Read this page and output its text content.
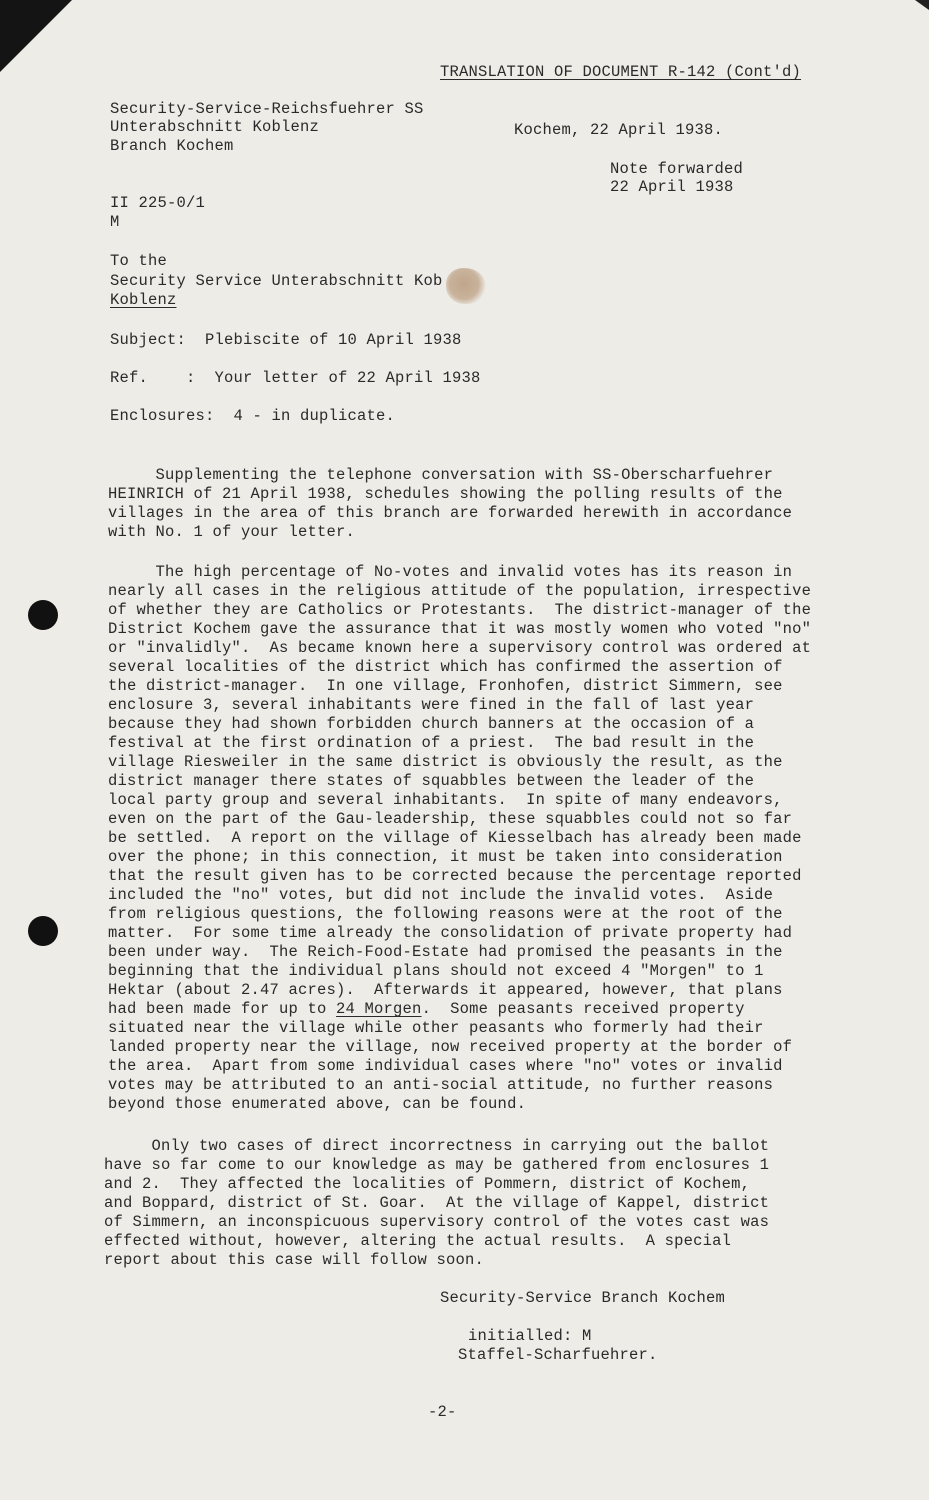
TRANSLATION OF DOCUMENT R-142 (Cont'd)
Security-Service-Reichsfuehrer SS
Unterabschnitt Koblenz
Branch Kochem
Kochem, 22 April 1938.
Note forwarded
22 April 1938
II 225-0/1
M
To the
Security Service Unterabschnitt Kob
Koblenz
Subject:  Plebiscite of 10 April 1938
Ref.    :  Your letter of 22 April 1938
Enclosures:  4 - in duplicate.
Supplementing the telephone conversation with SS-Oberscharfuehrer
HEINRICH of 21 April 1938, schedules showing the polling results of the
villages in the area of this branch are forwarded herewith in accordance
with No. 1 of your letter.
The high percentage of No-votes and invalid votes has its reason in
nearly all cases in the religious attitude of the population, irrespective
of whether they are Catholics or Protestants.  The district-manager of the
District Kochem gave the assurance that it was mostly women who voted "no"
or "invalidly".  As became known here a supervisory control was ordered at
several localities of the district which has confirmed the assertion of
the district-manager.  In one village, Fronhofen, district Simmern, see
enclosure 3, several inhabitants were fined in the fall of last year
because they had shown forbidden church banners at the occasion of a
festival at the first ordination of a priest.  The bad result in the
village Riesweiler in the same district is obviously the result, as the
district manager there states of squabbles between the leader of the
local party group and several inhabitants.  In spite of many endeavors,
even on the part of the Gau-leadership, these squabbles could not so far
be settled.  A report on the village of Kiesselbach has already been made
over the phone; in this connection, it must be taken into consideration
that the result given has to be corrected because the percentage reported
included the "no" votes, but did not include the invalid votes.  Aside
from religious questions, the following reasons were at the root of the
matter.  For some time already the consolidation of private property had
been under way.  The Reich-Food-Estate had promised the peasants in the
beginning that the individual plans should not exceed 4 "Morgen" to 1
Hektar (about 2.47 acres).  Afterwards it appeared, however, that plans
had been made for up to 24 Morgen.  Some peasants received property
situated near the village while other peasants who formerly had their
landed property near the village, now received property at the border of
the area.  Apart from some individual cases where "no" votes or invalid
votes may be attributed to an anti-social attitude, no further reasons
beyond those enumerated above, can be found.
Only two cases of direct incorrectness in carrying out the ballot
have so far come to our knowledge as may be gathered from enclosures 1
and 2.  They affected the localities of Pommern, district of Kochem,
and Boppard, district of St. Goar.  At the village of Kappel, district
of Simmern, an inconspicuous supervisory control of the votes cast was
effected without, however, altering the actual results.  A special
report about this case will follow soon.
Security-Service Branch Kochem
initialled: M
Staffel-Scharfuehrer.
-2-
